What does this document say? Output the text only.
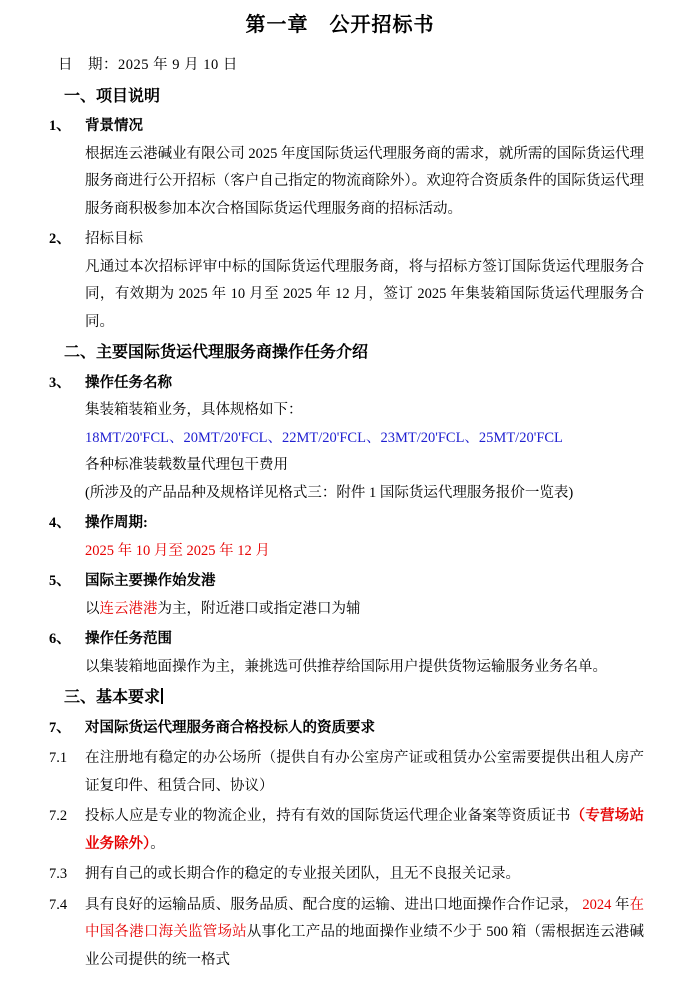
第一章　公开招标书
日　期：2025 年 9 月 10 日
一、项目说明
1、 背景情况
根据连云港碱业有限公司 2025 年度国际货运代理服务商的需求，就所需的国际货运代理服务商进行公开招标（客户自己指定的物流商除外）。欢迎符合资质条件的国际货运代理服务商积极参加本次合格国际货运代理服务商的招标活动。
2、 招标目标
凡通过本次招标评审中标的国际货运代理服务商，将与招标方签订国际货运代理服务合同，有效期为 2025 年 10 月至 2025 年 12 月，签订 2025 年集装箱国际货运代理服务合同。
二、主要国际货运代理服务商操作任务介绍
3、 操作任务名称
集装箱装箱业务，具体规格如下：
18MT/20'FCL、20MT/20'FCL、22MT/20'FCL、23MT/20'FCL、25MT/20'FCL
各种标准装载数量代理包干费用
(所涉及的产品品种及规格详见格式三：附件 1 国际货运代理服务报价一览表)
4、 操作周期:
2025 年 10 月至 2025 年 12 月
5、 国际主要操作始发港
以连云港港为主，附近港口或指定港口为辅
6、 操作任务范围
以集装箱地面操作为主，兼挑选可供推荐给国际用户提供货物运输服务业务名单。
三、基本要求
7、 对国际货运代理服务商合格投标人的资质要求
7.1 在注册地有稳定的办公场所（提供自有办公室房产证或租赁办公室需要提供出租人房产证复印件、租赁合同、协议）
7.2 投标人应是专业的物流企业，持有有效的国际货运代理企业备案等资质证书（专营场站业务除外）。
7.3 拥有自己的或长期合作的稳定的专业报关团队，且无不良报关记录。
7.4 具有良好的运输品质、服务品质、配合度的运输、进出口地面操作合作记录， 2024 年在中国各港口海关监管场站从事化工产品的地面操作业绩不少于 500 箱（需根据连云港碱业公司提供的统一格式
